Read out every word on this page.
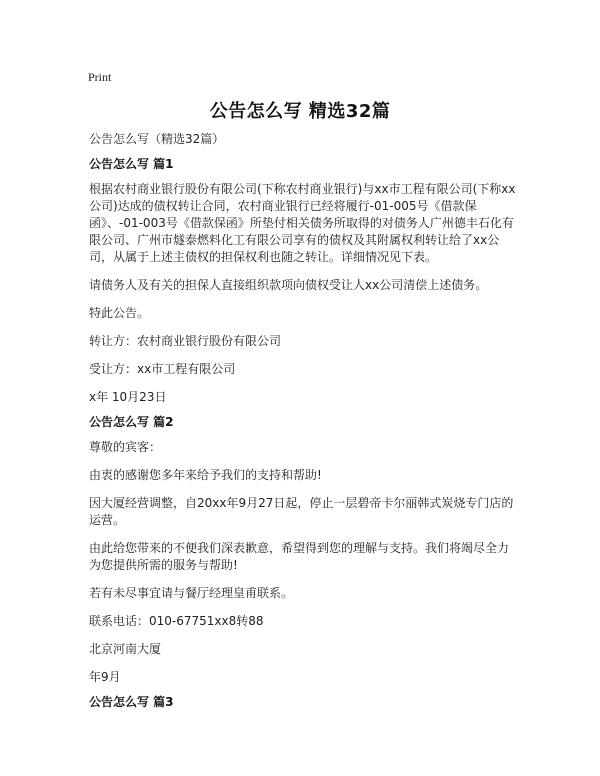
Print
公告怎么写 精选32篇

公告怎么写（精选32篇）

公告怎么写 篇1

根据农村商业银行股份有限公司(下称农村商业银行)与xx市工程有限公司(下称xx公司)达成的债权转让合同，农村商业银行已经将履行-01-005号《借款保函》、-01-003号《借款保函》所垫付相关债务所取得的对债务人广州德丰石化有限公司、广州市燧泰燃料化工有限公司享有的债权及其附属权利转让给了xx公司，从属于上述主债权的担保权利也随之转让。详细情况见下表。

请债务人及有关的担保人直接组织款项向债权受让人xx公司清偿上述债务。

特此公告。

转让方：农村商业银行股份有限公司

受让方：xx市工程有限公司

x年 10月23日

公告怎么写 篇2

尊敬的宾客：

由衷的感谢您多年来给予我们的支持和帮助!

因大厦经营调整，自20xx年9月27日起，停止一层碧帝卡尔丽韩式炭烧专门店的运营。

由此给您带来的不便我们深表歉意，希望得到您的理解与支持。我们将竭尽全力为您提供所需的服务与帮助!

若有未尽事宜请与餐厅经理皇甫联系。

联系电话：010-67751xx8转88

北京河南大厦

年9月

公告怎么写 篇3
